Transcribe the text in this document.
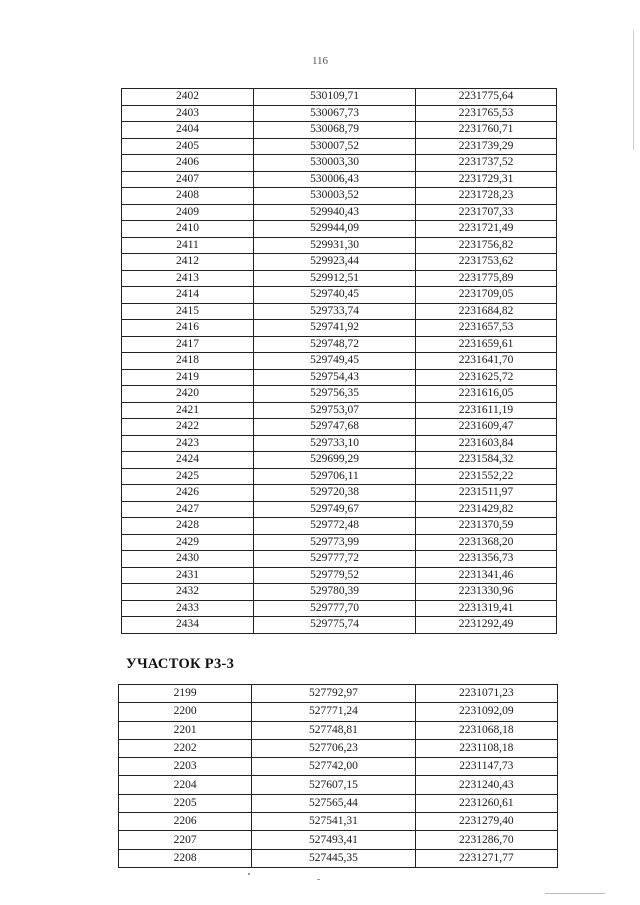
116
2402	530109,71	2231775,64
2403	530067,73	2231765,53
2404	530068,79	2231760,71
2405	530007,52	2231739,29
2406	530003,30	2231737,52
2407	530006,43	2231729,31
2408	530003,52	2231728,23
2409	529940,43	2231707,33
2410	529944,09	2231721,49
2411	529931,30	2231756,82
2412	529923,44	2231753,62
2413	529912,51	2231775,89
2414	529740,45	2231709,05
2415	529733,74	2231684,82
2416	529741,92	2231657,53
2417	529748,72	2231659,61
2418	529749,45	2231641,70
2419	529754,43	2231625,72
2420	529756,35	2231616,05
2421	529753,07	2231611,19
2422	529747,68	2231609,47
2423	529733,10	2231603,84
2424	529699,29	2231584,32
2425	529706,11	2231552,22
2426	529720,38	2231511,97
2427	529749,67	2231429,82
2428	529772,48	2231370,59
2429	529773,99	2231368,20
2430	529777,72	2231356,73
2431	529779,52	2231341,46
2432	529780,39	2231330,96
2433	529777,70	2231319,41
2434	529775,74	2231292,49
УЧАСТОК Р3-3
2199	527792,97	2231071,23
2200	527771,24	2231092,09
2201	527748,81	2231068,18
2202	527706,23	2231108,18
2203	527742,00	2231147,73
2204	527607,15	2231240,43
2205	527565,44	2231260,61
2206	527541,31	2231279,40
2207	527493,41	2231286,70
2208	527445,35	2231271,77
